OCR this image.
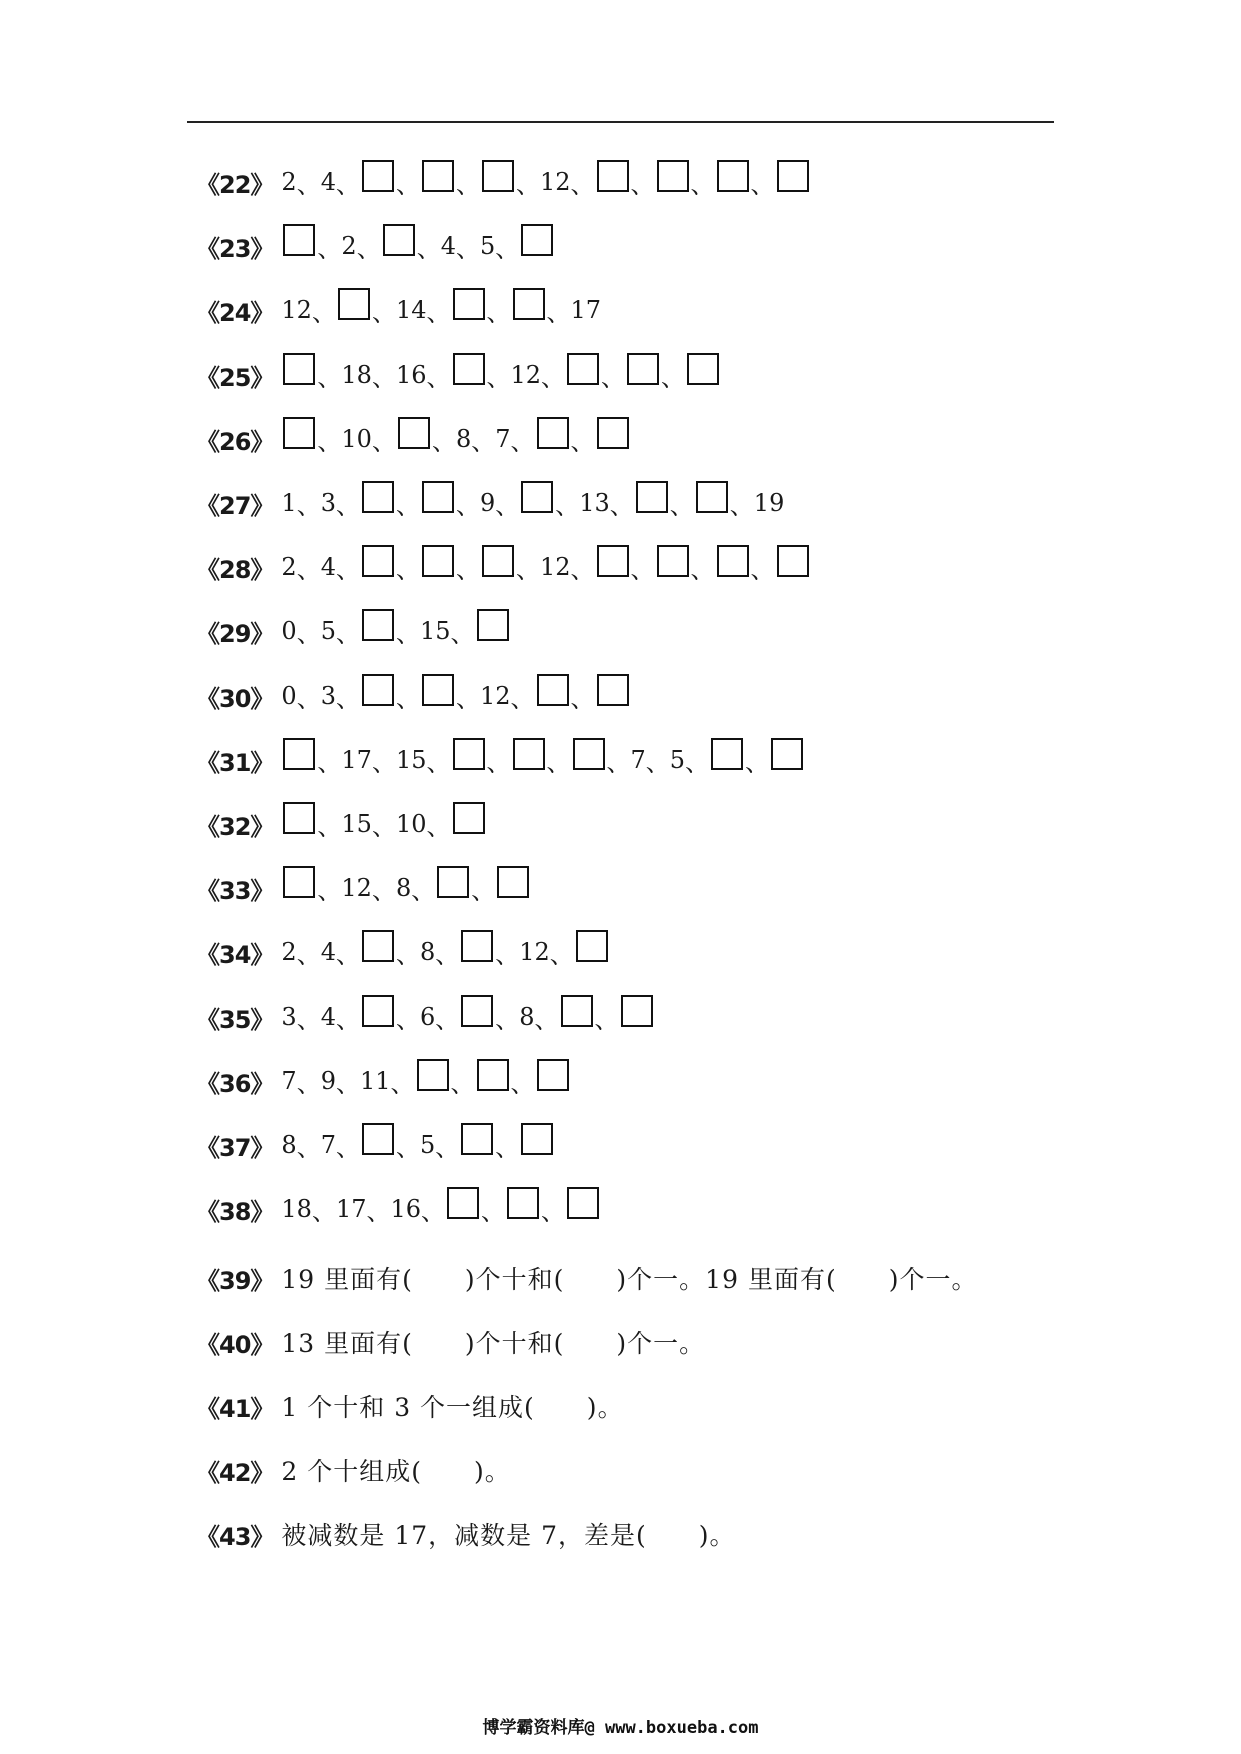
《22》 2 、 4 、 、 、 、 12 、 、 、 、
《23》 、 2 、 、 4 、 5 、
《24》 12 、 、 14 、 、 、 17
《25》 、 18 、 16 、 、 12 、 、 、
《26》 、 10 、 、 8 、 7 、 、
《27》 1 、 3 、 、 、 9 、 、 13 、 、 、 19
《28》 2 、 4 、 、 、 、 12 、 、 、 、
《29》 0 、 5 、 、 15 、
《30》 0 、 3 、 、 、 12 、 、
《31》 、 17 、 15 、 、 、 、 7 、 5 、 、
《32》 、 15 、 10 、
《33》 、 12 、 8 、 、
《34》 2 、 4 、 、 8 、 、 12 、
《35》 3 、 4 、 、 6 、 、 8 、 、
《36》 7 、 9 、 11 、 、 、
《37》 8 、 7 、 、 5 、 、
《38》 18 、 17 、 16 、 、 、
《39》 19 里面有(　　)个十和(　　)个一。19 里面有(　　)个一。
《40》 13 里面有(　　)个十和(　　)个一。
《41》 1 个十和 3 个一组成(　　)。
《42》 2 个十组成(　　)。
《43》 被减数是 17，减数是 7，差是(　　)。
博学霸资料库@ www.boxueba.com
